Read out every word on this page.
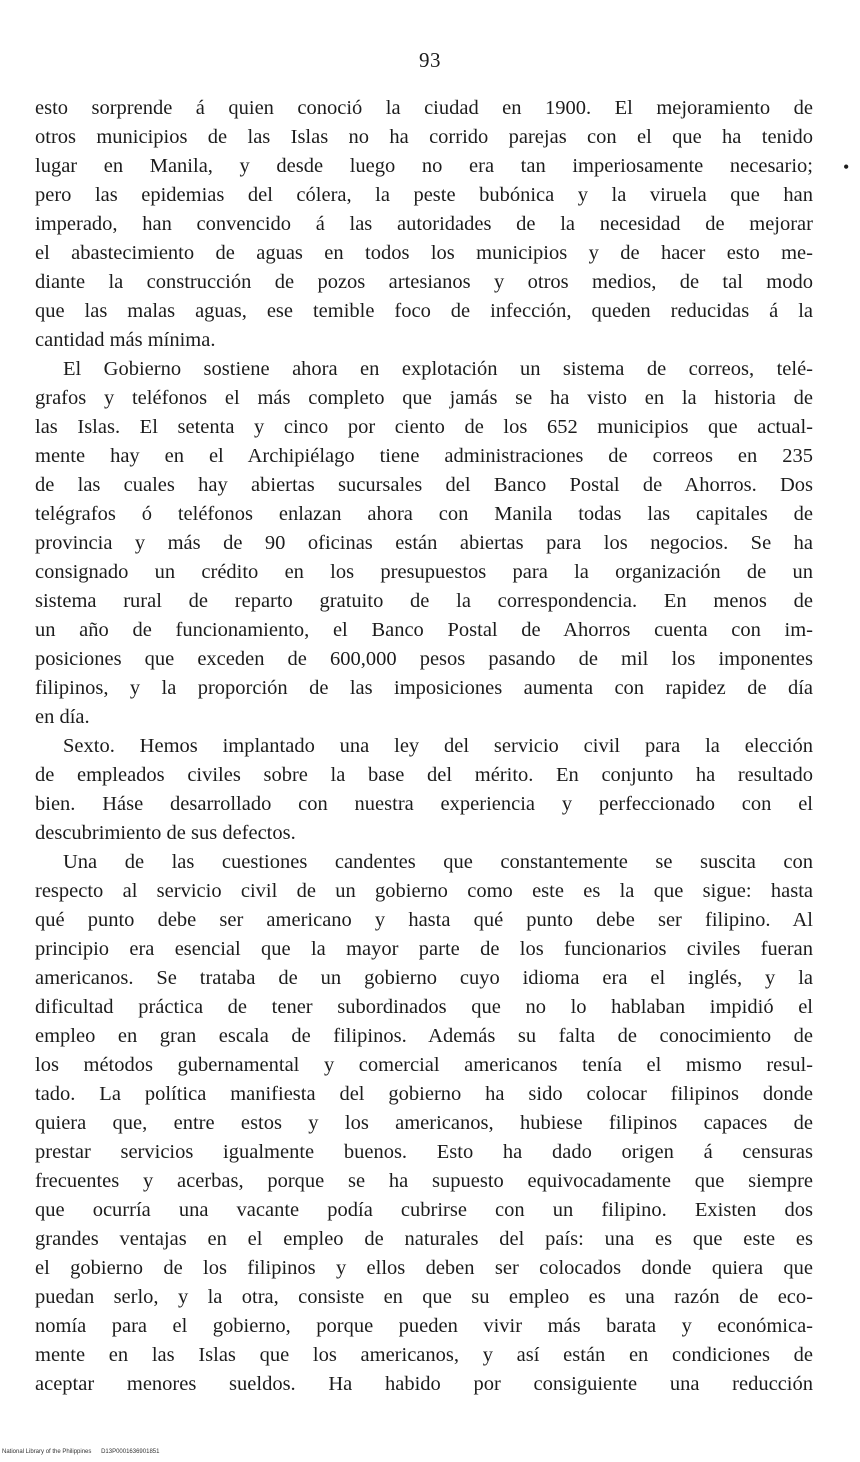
93
esto sorprende á quien conoció la ciudad en 1900. El mejoramiento de
otros municipios de las Islas no ha corrido parejas con el que ha tenido
lugar en Manila, y desde luego no era tan imperiosamente necesario;
pero las epidemias del cólera, la peste bubónica y la viruela que han
imperado, han convencido á las autoridades de la necesidad de mejorar
el abastecimiento de aguas en todos los municipios y de hacer esto me-
diante la construcción de pozos artesianos y otros medios, de tal modo
que las malas aguas, ese temible foco de infección, queden reducidas á la
cantidad más mínima.
El Gobierno sostiene ahora en explotación un sistema de correos, telé-
grafos y teléfonos el más completo que jamás se ha visto en la historia de
las Islas. El setenta y cinco por ciento de los 652 municipios que actual-
mente hay en el Archipiélago tiene administraciones de correos en 235
de las cuales hay abiertas sucursales del Banco Postal de Ahorros. Dos
telégrafos ó teléfonos enlazan ahora con Manila todas las capitales de
provincia y más de 90 oficinas están abiertas para los negocios. Se ha
consignado un crédito en los presupuestos para la organización de un
sistema rural de reparto gratuito de la correspondencia. En menos de
un año de funcionamiento, el Banco Postal de Ahorros cuenta con im-
posiciones que exceden de 600,000 pesos pasando de mil los imponentes
filipinos, y la proporción de las imposiciones aumenta con rapidez de día
en día.
Sexto. Hemos implantado una ley del servicio civil para la elección
de empleados civiles sobre la base del mérito. En conjunto ha resultado
bien. Háse desarrollado con nuestra experiencia y perfeccionado con el
descubrimiento de sus defectos.
Una de las cuestiones candentes que constantemente se suscita con
respecto al servicio civil de un gobierno como este es la que sigue: hasta
qué punto debe ser americano y hasta qué punto debe ser filipino. Al
principio era esencial que la mayor parte de los funcionarios civiles fueran
americanos. Se trataba de un gobierno cuyo idioma era el inglés, y la
dificultad práctica de tener subordinados que no lo hablaban impidió el
empleo en gran escala de filipinos. Además su falta de conocimiento de
los métodos gubernamental y comercial americanos tenía el mismo resul-
tado. La política manifiesta del gobierno ha sido colocar filipinos donde
quiera que, entre estos y los americanos, hubiese filipinos capaces de
prestar servicios igualmente buenos. Esto ha dado origen á censuras
frecuentes y acerbas, porque se ha supuesto equivocadamente que siempre
que ocurría una vacante podía cubrirse con un filipino. Existen dos
grandes ventajas en el empleo de naturales del país: una es que este es
el gobierno de los filipinos y ellos deben ser colocados donde quiera que
puedan serlo, y la otra, consiste en que su empleo es una razón de eco-
nomía para el gobierno, porque pueden vivir más barata y económica-
mente en las Islas que los americanos, y así están en condiciones de
aceptar menores sueldos. Ha habido por consiguiente una reducción
•
National Library of the Philippines D13P0001636901851
